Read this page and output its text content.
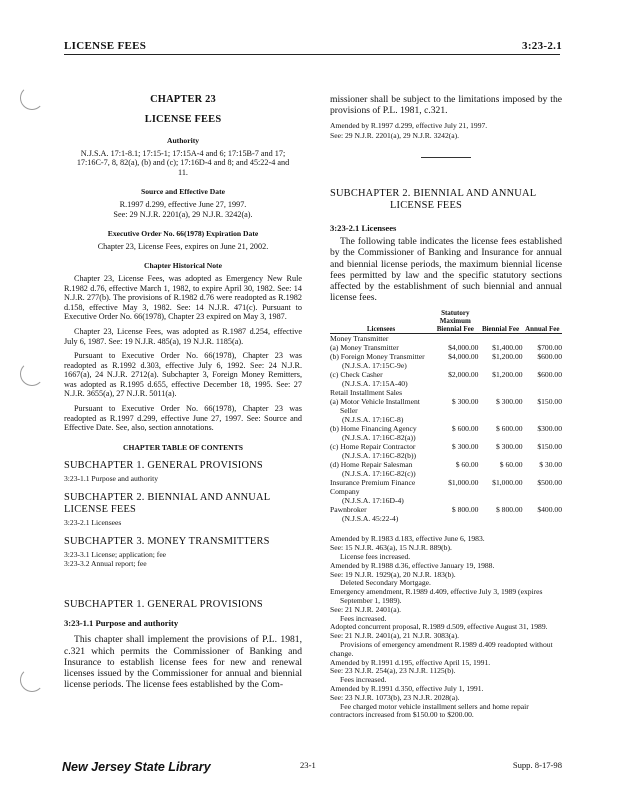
LICENSE FEES	3:23-2.1

CHAPTER 23

LICENSE FEES

Authority

N.J.S.A. 17:1-8.1; 17:15-1; 17:15A-4 and 6; 17:15B-7 and 17; 17:16C-7, 8, 82(a), (b) and (c); 17:16D-4 and 8; and 45:22-4 and 11.

Source and Effective Date

R.1997 d.299, effective June 27, 1997.

See: 29 N.J.R. 2201(a), 29 N.J.R. 3242(a).

Executive Order No. 66(1978) Expiration Date

Chapter 23, License Fees, expires on June 21, 2002.

Chapter Historical Note

Chapter 23, License Fees, was adopted as Emergency New Rule R.1982 d.76, effective March 1, 1982, to expire April 30, 1982. See: 14 N.J.R. 277(b). The provisions of R.1982 d.76 were readopted as R.1982 d.158, effective May 3, 1982. See: 14 N.J.R. 471(c). Pursuant to Executive Order No. 66(1978), Chapter 23 expired on May 3, 1987.

Chapter 23, License Fees, was adopted as R.1987 d.254, effective July 6, 1987. See: 19 N.J.R. 485(a), 19 N.J.R. 1185(a).

Pursuant to Executive Order No. 66(1978), Chapter 23 was readopted as R.1992 d.303, effective July 6, 1992. See: 24 N.J.R. 1667(a), 24 N.J.R. 2712(a). Subchapter 3, Foreign Money Remitters, was adopted as R.1995 d.655, effective December 18, 1995. See: 27 N.J.R. 3655(a), 27 N.J.R. 5011(a).

Pursuant to Executive Order No. 66(1978), Chapter 23 was readopted as R.1997 d.299, effective June 27, 1997. See: Source and Effective Date. See, also, section annotations.

CHAPTER TABLE OF CONTENTS

SUBCHAPTER 1. GENERAL PROVISIONS

3:23-1.1 Purpose and authority

SUBCHAPTER 2. BIENNIAL AND ANNUAL LICENSE FEES

3:23-2.1 Licensees

SUBCHAPTER 3. MONEY TRANSMITTERS

3:23-3.1 License; application; fee

3:23-3.2 Annual report; fee

SUBCHAPTER 1. GENERAL PROVISIONS

3:23-1.1 Purpose and authority

This chapter shall implement the provisions of P.L. 1981, c.321 which permits the Commissioner of Banking and Insurance to establish license fees for new and renewal licenses issued by the Commissioner for annual and biennial license periods. The license fees established by the Com-

missioner shall be subject to the limitations imposed by the provisions of P.L. 1981, c.321.

Amended by R.1997 d.299, effective July 21, 1997.

See: 29 N.J.R. 2201(a), 29 N.J.R. 3242(a).

SUBCHAPTER 2. BIENNIAL AND ANNUAL LICENSE FEES

3:23-2.1 Licensees

The following table indicates the license fees established by the Commissioner of Banking and Insurance for annual and biennial license periods, the maximum biennial license fees permitted by law and the specific statutory sections affected by the establishment of such biennial and annual license fees.

Licensees	Statutory Maximum Biennial Fee	Biennial Fee	Annual Fee
Money Transmitter			
(a) Money Transmitter	$4,000.00	$1,400.00	$700.00
(b) Foreign Money Transmitter	$4,000.00	$1,200.00	$600.00
(N.J.S.A. 17:15C-9e)			
(c) Check Casher	$2,000.00	$1,200.00	$600.00
(N.J.S.A. 17:15A-40)			
Retail Installment Sales			
(a) Motor Vehicle Installment Seller	$ 300.00	$ 300.00	$150.00
(N.J.S.A. 17:16C-8)			
(b) Home Financing Agency	$ 600.00	$ 600.00	$300.00
(N.J.S.A. 17:16C-82(a))			
(c) Home Repair Contractor	$ 300.00	$ 300.00	$150.00
(N.J.S.A. 17:16C-82(b))			
(d) Home Repair Salesman	$ 60.00	$ 60.00	$ 30.00
(N.J.S.A. 17:16C-82(c))			
Insurance Premium Finance Company	$1,000.00	$1,000.00	$500.00
(N.J.S.A. 17:16D-4)			
Pawnbroker	$ 800.00	$ 800.00	$400.00
(N.J.S.A. 45:22-4)			

Amended by R.1983 d.183, effective June 6, 1983.

See: 15 N.J.R. 463(a), 15 N.J.R. 889(b).

License fees increased.

Amended by R.1988 d.36, effective January 19, 1988.

See: 19 N.J.R. 1929(a), 20 N.J.R. 183(b).

Deleted Secondary Mortgage.

Emergency amendment, R.1989 d.409, effective July 3, 1989 (expires September 1, 1989).

See: 21 N.J.R. 2401(a).

Fees increased.

Adopted concurrent proposal, R.1989 d.509, effective August 31, 1989.

See: 21 N.J.R. 2401(a), 21 N.J.R. 3083(a).

Provisions of emergency amendment R.1989 d.409 readopted without change.

Amended by R.1991 d.195, effective April 15, 1991.

See: 23 N.J.R. 254(a), 23 N.J.R. 1125(b).

Fees increased.

Amended by R.1991 d.350, effective July 1, 1991.

See: 23 N.J.R. 1073(b), 23 N.J.R. 2028(a).

Fee charged motor vehicle installment sellers and home repair contractors increased from $150.00 to $200.00.

New Jersey State Library	23-1	Supp. 8-17-98
